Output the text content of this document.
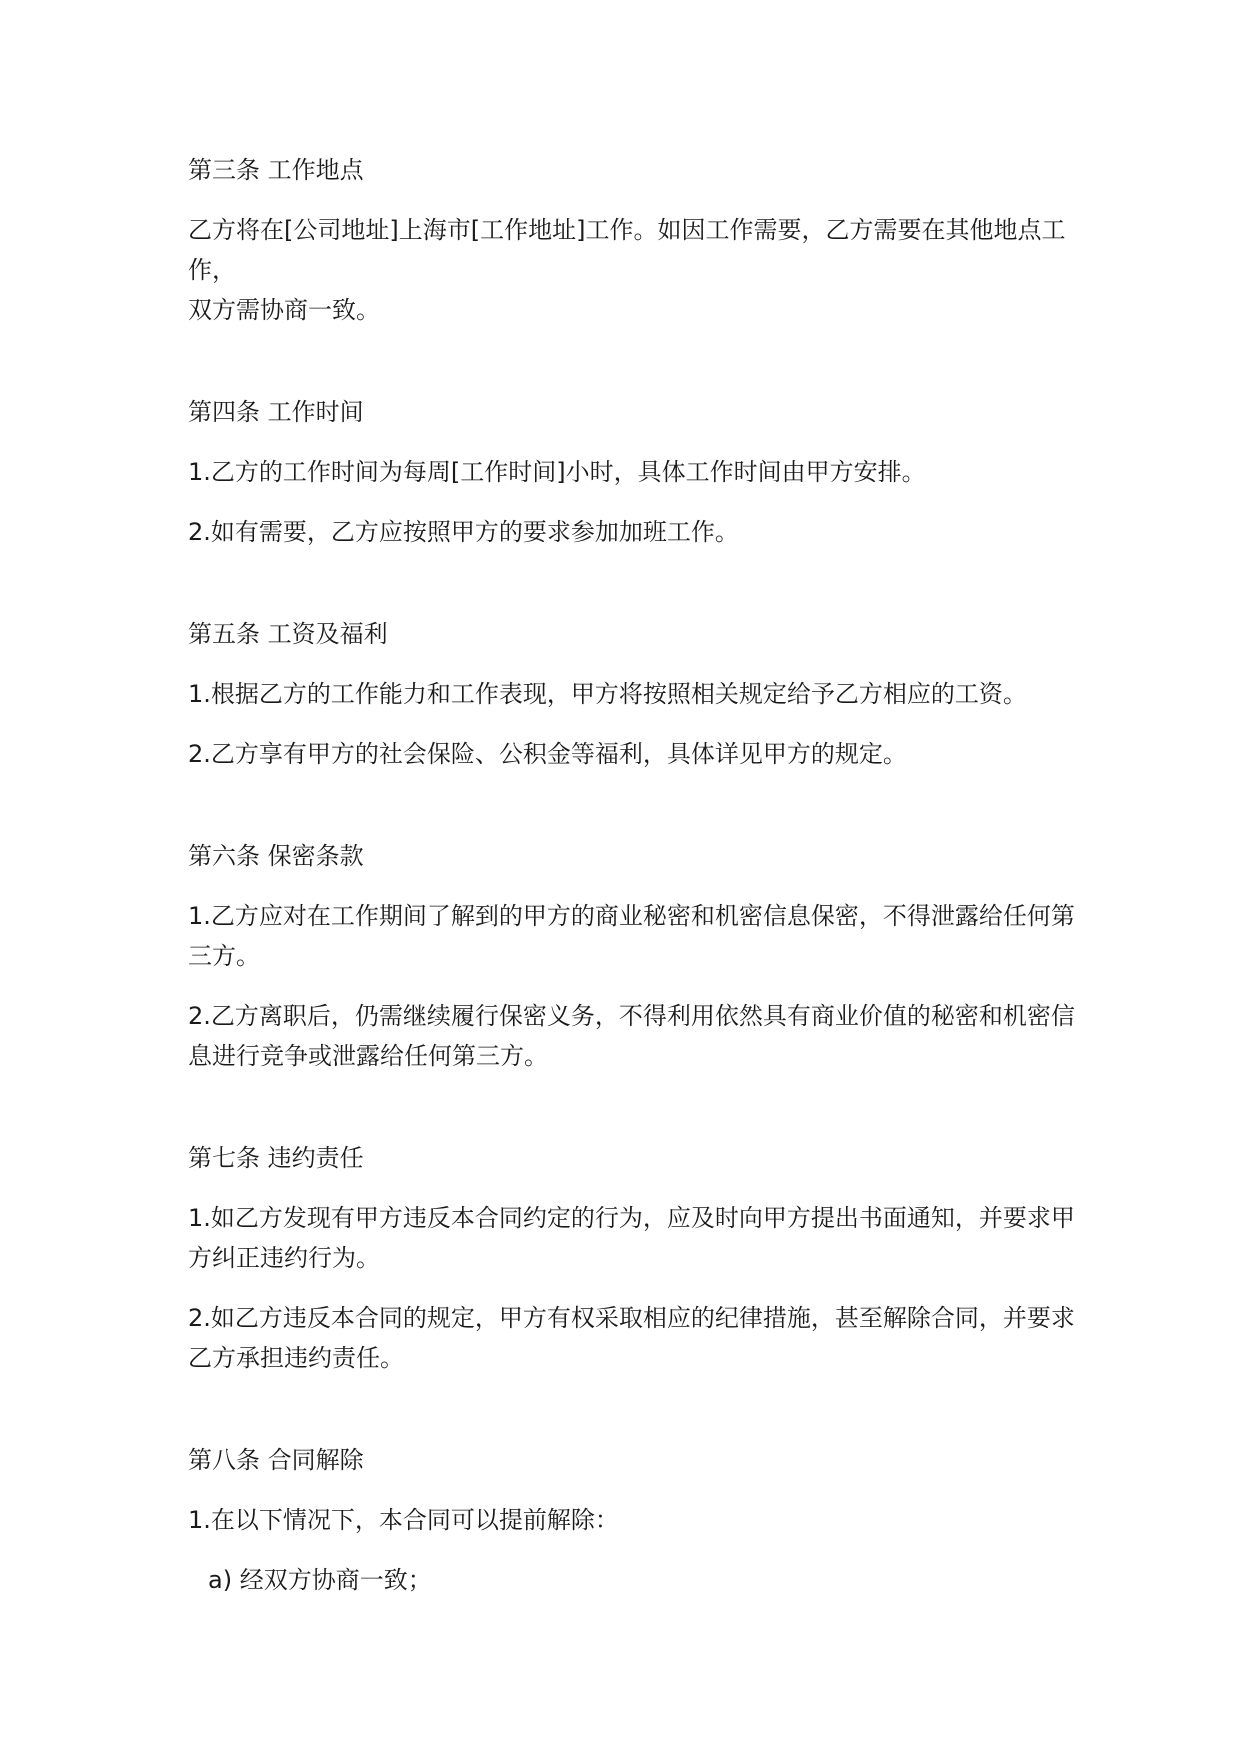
第三条 工作地点
乙方将在[公司地址]上海市[工作地址]工作。如因工作需要，乙方需要在其他地点工作，
双方需协商一致。
第四条 工作时间
1.乙方的工作时间为每周[工作时间]小时，具体工作时间由甲方安排。
2.如有需要，乙方应按照甲方的要求参加加班工作。
第五条 工资及福利
1.根据乙方的工作能力和工作表现，甲方将按照相关规定给予乙方相应的工资。
2.乙方享有甲方的社会保险、公积金等福利，具体详见甲方的规定。
第六条 保密条款
1.乙方应对在工作期间了解到的甲方的商业秘密和机密信息保密，不得泄露给任何第
三方。
2.乙方离职后，仍需继续履行保密义务，不得利用依然具有商业价值的秘密和机密信
息进行竞争或泄露给任何第三方。
第七条 违约责任
1.如乙方发现有甲方违反本合同约定的行为，应及时向甲方提出书面通知，并要求甲
方纠正违约行为。
2.如乙方违反本合同的规定，甲方有权采取相应的纪律措施，甚至解除合同，并要求
乙方承担违约责任。
第八条 合同解除
1.在以下情况下，本合同可以提前解除：
a) 经双方协商一致；
